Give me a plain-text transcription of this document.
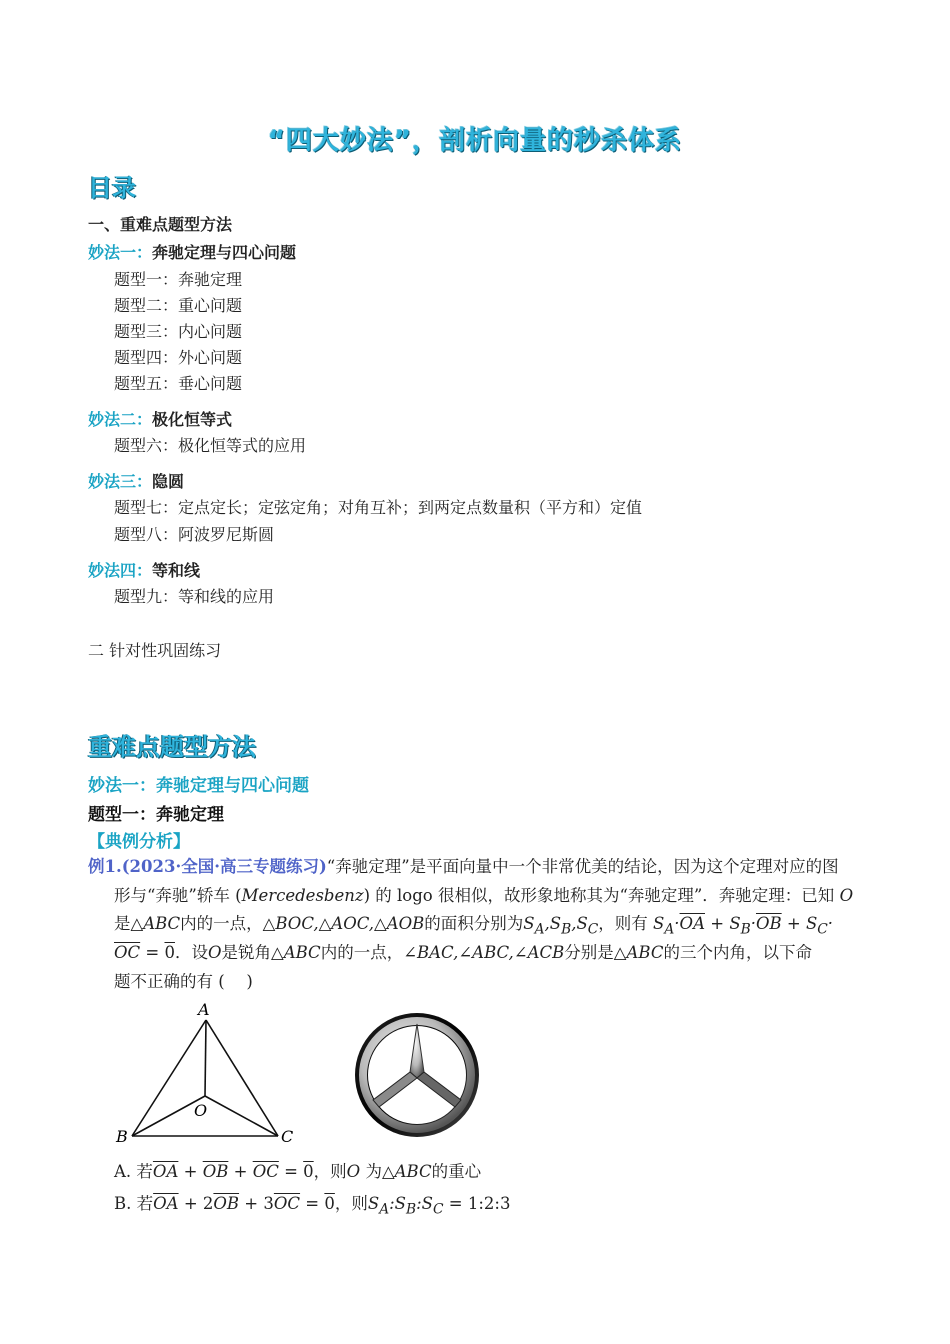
“四大妙法”，剖析向量的秒杀体系
目录
一、重难点题型方法
妙法一：奔驰定理与四心问题
题型一：奔驰定理
题型二：重心问题
题型三：内心问题
题型四：外心问题
题型五：垂心问题
妙法二：极化恒等式
题型六：极化恒等式的应用
妙法三：隐圆
题型七：定点定长；定弦定角；对角互补；到两定点数量积（平方和）定值
题型八：阿波罗尼斯圆
妙法四：等和线
题型九：等和线的应用
二 针对性巩固练习
重难点题型方法
妙法一：奔驰定理与四心问题
题型一：奔驰定理
【典例分析】
例1.(2023·全国·高三专题练习)“奔驰定理”是平面向量中一个非常优美的结论，因为这个定理对应的图
形与“奔驰”轿车 (Mercedesbenz) 的 logo 很相似，故形象地称其为“奔驰定理”．奔驰定理：已知 O
是△ABC内的一点，△BOC,△AOC,△AOB的面积分别为$S_A,S_B,S_C$，则有 $S_A\cdot\overline{OA} + S_B\cdot\overline{OB} + S_C\cdot$
$\overline{OC} = 0$．设O是锐角△ABC内的一点，∠BAC,∠ABC,∠ACB分别是△ABC的三个内角，以下命
题不正确的有 (　 )
A
B	C
O
A. 若$\overline{OA} + \overline{OB} + \overline{OC} = 0$，则O 为△ABC的重心
B. 若$\overline{OA} + 2\overline{OB} + 3\overline{OC} = 0$，则$S_A:S_B:S_C$ = 1:2:3
